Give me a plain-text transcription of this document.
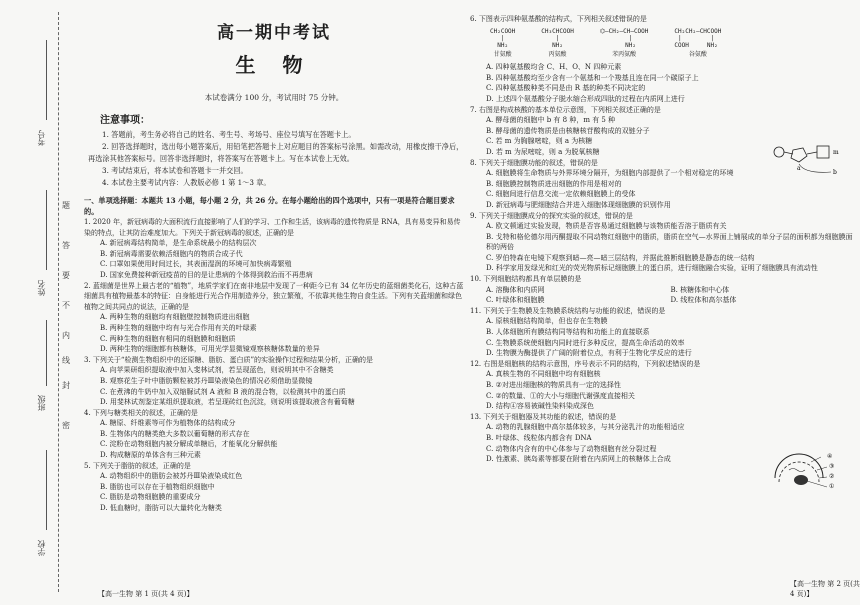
考号
姓名
班级
学校
题
答
要
不
内
线
封
密
高一期中考试
生 物
本试卷满分 100 分，考试用时 75 分钟。
注意事项：
1. 答题前，考生务必将自己的姓名、考生号、考场号、座位号填写在答题卡上。
2. 回答选择题时，选出每小题答案后，用铅笔把答题卡上对应题目的答案标号涂黑。如需改动，用橡皮擦干净后，再选涂其他答案标号。回答非选择题时，将答案写在答题卡上。写在本试卷上无效。
3. 考试结束后，将本试卷和答题卡一并交回。
4. 本试卷主要考试内容：人教版必修 1 第 1～3 章。
一、单项选择题：本题共 13 小题，每小题 2 分，共 26 分。在每小题给出的四个选项中，只有一项是符合题目要求的。
1. 2020 年，新冠病毒的大面积流行直接影响了人们的学习、工作和生活，该病毒的遗传物质是 RNA，具有易变异和易传染的特点，让其防治难度加大。下列关于新冠病毒的叙述，正确的是
A. 新冠病毒结构简单，是生命系统最小的结构层次
B. 新冠病毒需要依赖活细胞内的物质合成子代
C. 口罩如果使用时间过长，其表面湿润的环境可加快病毒繁殖
D. 国家免费接种新冠疫苗的目的是让患病的个体得到救治而不再患病
2. 蓝细菌是世界上最古老的“植物”，地质学家们在南非地层中发现了一种距今已有 34 亿年历史的蓝细菌类化石，这种古蓝细菌具有植物最基本的特征：自身能进行光合作用制造养分，独立繁殖，不依靠其他生物自食生活。下列有关蓝细菌和绿色植物之间共同点的说法，正确的是
A. 两种生物的细胞均有细胞壁控制物质进出细胞
B. 两种生物的细胞中均有与光合作用有关的叶绿素
C. 两种生物的细胞有相同的细胞膜和细胞质
D. 两种生物的细胞都有核糖体，可用光学显微镜观察核糖体数量的差异
3. 下列关于“检测生物组织中的还原糖、脂肪、蛋白质”的实验操作过程和结果分析，正确的是
A. 向苹果研组织提取液中加入斐林试剂，若呈现蓝色，则说明其中不含糖类
B. 观察花生子叶中脂肪颗粒被苏丹Ⅲ染液染色的情况必须借助显微镜
C. 在煮沸的牛奶中加入双缩脲试剂 A 液和 B 液的混合物，以检测其中的蛋白质
D. 用斐林试剂鉴定某组织提取液，若呈现砖红色沉淀，则说明该提取液含有葡萄糖
4. 下列与糖类相关的叙述，正确的是
A. 糖原、纤维素等可作为植物体的结构成分
B. 生物体内的糖类绝大多数以葡萄糖的形式存在
C. 淀粉在动物细胞内被分解成单糖后，才能氧化分解供能
D. 构成糖原的单体含有三种元素
5. 下列关于脂肪的叙述，正确的是
A. 动物组织中的脂肪会被苏丹Ⅲ染液染成红色
B. 脂肪也可以存在于植物组织细胞中
C. 脂肪是动物细胞膜的重要成分
D. 低血糖时，脂肪可以大量转化为糖类
6. 下图表示四种氨基酸的结构式，下列相关叙述错误的是
CH₂COOH
|
NH₂
甘氨酸
CH₃CHCOOH
|
NH₂
丙氨酸
⌬—CH₂—CH—COOH
|
NH₂
苯丙氨酸
CH₂CH₂—CHCOOH
|        |
COOH     NH₂
谷氨酸
A. 四种氨基酸均含 C、H、O、N 四种元素
B. 四种氨基酸均至少含有一个氨基和一个羧基且连在同一个碳原子上
C. 四种氨基酸种类不同是由 R 基的种类不同决定的
D. 上述四个氨基酸分子脱水缩合形成四肽的过程在内质网上进行
7. 右图是构成核酸的基本单位示意图，下列相关叙述正确的是
A. 酵母菌的细胞中 b 有 8 种，m 有 5 种
B. 酵母菌的遗传物质是由核糖核苷酸构成的双链分子
C. 若 m 为胸腺嘧啶，则 a 为核糖
D. 若 m 为尿嘧啶，则 a 为脱氧核糖
8. 下列关于细胞膜功能的叙述，错误的是
A. 细胞膜将生命物质与外界环境分隔开，为细胞内部提供了一个相对稳定的环境
B. 细胞膜控制物质进出细胞的作用是相对的
C. 细胞间进行信息交流一定依赖细胞膜上的受体
D. 新冠病毒与肥细胞结合并进入细胞体现细胞膜的识别作用
9. 下列关于细胞膜成分的探究实验的叙述，错误的是
A. 欧文顿通过实验发现，物质是否容易通过细胞膜与该物质能否溶于脂质有关
B. 戈特和格伦德尔用丙酮提取不同动物红细胞中的脂质，脂质在空气—水界面上铺展成的单分子层的面积都为细胞膜面积的两倍
C. 罗伯特森在电镜下观察到暗—亮—暗三层结构，并据此推断细胞膜是静态的统一结构
D. 科学家用发绿光和红光的荧光物质标记细胞膜上的蛋白质，进行细胞融合实验，证明了细胞膜具有流动性
10. 下列细胞结构都具有单层膜的是
A. 溶酶体和内质网	B. 核糖体和中心体
C. 叶绿体和细胞膜	D. 线粒体和高尔基体
11. 下列关于生物膜及生物膜系统结构与功能的叙述，错误的是
A. 原核细胞结构简单，但也存在生物膜
B. 人体细胞所有膜结构同等结构和功能上的直接联系
C. 生物膜系统使细胞内同时进行多种反应，提高生命活动的效率
D. 生物膜为酶提供了广阔的附着位点，有利于生物化学反应的进行
12. 右图是细胞核的结构示意图，序号表示不同的结构，下列叙述错误的是
A. 真核生物的不同细胞中均有细胞核
B. ②对进出细胞核的物质具有一定的选择性
C. ②的数量、①的大小与细胞代谢强度直接相关
D. 结构④容易被碱性染料染成深色
13. 下列关于细胞器及其功能的叙述，错误的是
A. 动物的乳腺细胞中高尔基体较多，与其分泌乳汁的功能相适应
B. 叶绿体、线粒体内都含有 DNA
C. 动物体内含有的中心体参与了动物细胞有丝分裂过程
D. 性激素、胰岛素等都要在附着在内质网上的核糖体上合成
a
b
m
④
③
②
①
【高一生物 第 1 页(共 4 页)】
【高一生物 第 2 页(共 4 页)】
